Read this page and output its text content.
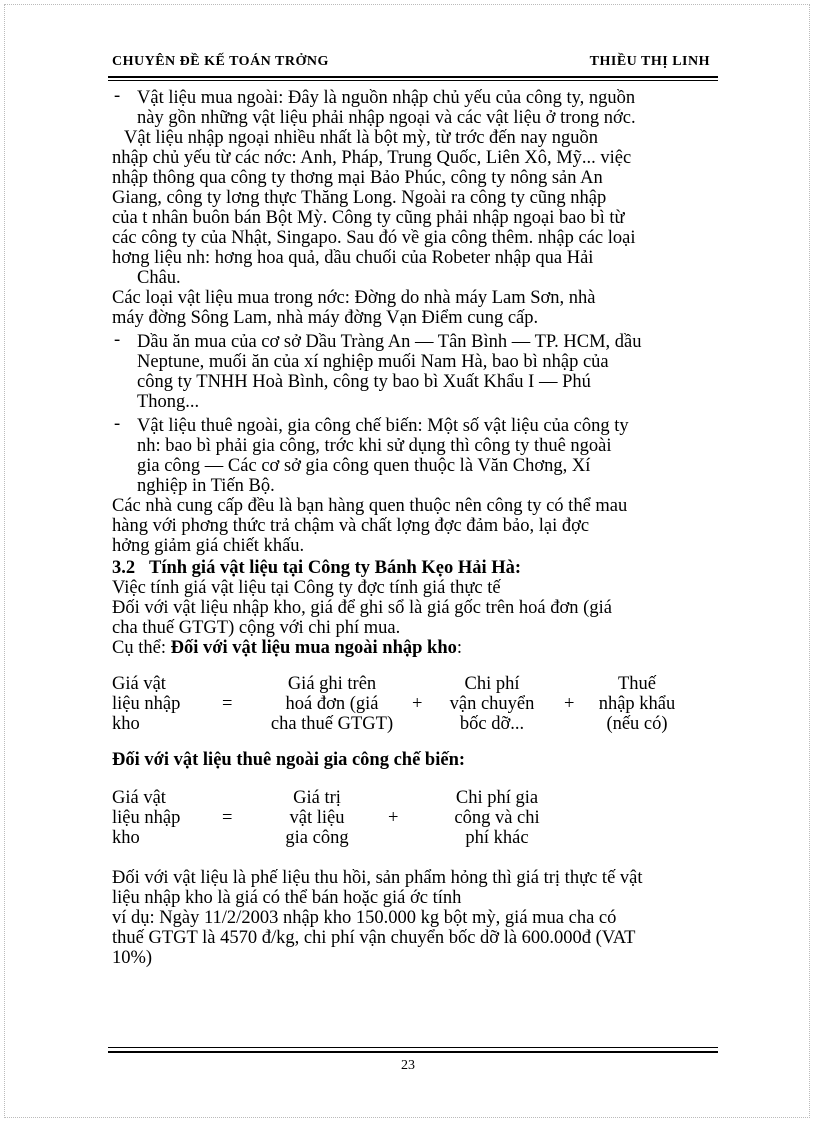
CHUYÊN ĐỀ KẾ TOÁN TRỞNG	THIỀU THỊ LINH
- Vật liệu mua ngoài: Đây là nguồn nhập chủ yếu của công ty, nguồn

này gồn những vật liệu phải nhập ngoại và các vật liệu ở trong nớc.

Vật liệu nhập ngoại nhiều nhất là bột mỳ, từ trớc đến nay nguồn

nhập chủ yếu từ các nớc: Anh, Pháp, Trung Quốc, Liên Xô, Mỹ... việc

nhập thông qua công ty thơng mại Bảo Phúc, công ty nông sản An

Giang, công ty lơng thực Thăng Long. Ngoài ra công ty cũng nhập

của t nhân buôn bán Bột Mỳ. Công ty cũng phải nhập ngoại bao bì từ

các công ty của Nhật, Singapo. Sau đó về gia công thêm. nhập các loại

hơng liệu nh: hơng hoa quả, dầu chuối của Robeter nhập qua Hải

Châu.

Các loại vật liệu mua trong nớc: Đờng do nhà máy Lam Sơn, nhà

máy đờng Sông Lam, nhà máy đờng Vạn Điểm cung cấp.

- Dầu ăn mua của cơ sở Dầu Tràng An — Tân Bình — TP. HCM, dầu

Neptune, muối ăn của xí nghiệp muối Nam Hà, bao bì nhập của

công ty TNHH Hoà Bình, công ty bao bì Xuất Khẩu I — Phú

Thong...

- Vật liệu thuê ngoài, gia công chế biến: Một số vật liệu của công ty

nh: bao bì phải gia công, trớc khi sử dụng thì công ty thuê ngoài

gia công — Các cơ sở gia công quen thuộc là Văn Chơng, Xí

nghiệp in Tiến Bộ.

Các nhà cung cấp đều là bạn hàng quen thuộc nên công ty có thể mau

hàng với phơng thức trả chậm và chất lợng đợc đảm bảo, lại đợc

hởng giảm giá chiết khấu.

3.2 Tính giá vật liệu tại Công ty Bánh Kẹo Hải Hà:

Việc tính giá vật liệu tại Công ty đợc tính giá thực tế

Đối với vật liệu nhập kho, giá để ghi sổ là giá gốc trên hoá đơn (giá

cha thuế GTGT) cộng với chi phí mua.

Cụ thể: Đối với vật liệu mua ngoài nhập kho:

Giá vật
liệu nhập
kho
=
Giá ghi trên
hoá đơn (giá
cha thuế GTGT)
+
Chi phí
vận chuyển
bốc dỡ...
+
Thuế
nhập khẩu
(nếu có)

Đối với vật liệu thuê ngoài gia công chế biến:

Giá vật
liệu nhập
kho
=
Giá trị
vật liệu
gia công
+
Chi phí gia
công và chi
phí khác

Đối với vật liệu là phế liệu thu hồi, sản phẩm hỏng thì giá trị thực tế vật

liệu nhập kho là giá có thể bán hoặc giá ớc tính

ví dụ: Ngày 11/2/2003 nhập kho 150.000 kg bột mỳ, giá mua cha có

thuế GTGT là 4570 đ/kg, chi phí vận chuyển bốc dỡ là 600.000đ (VAT

10%)

23
